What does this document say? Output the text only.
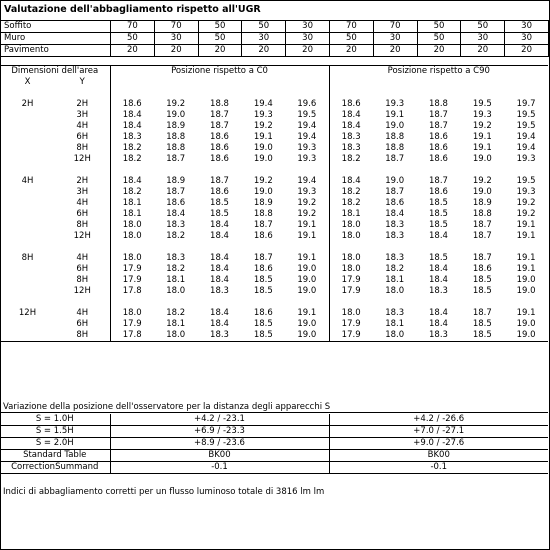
Valutazione dell'abbagliamento rispetto all'UGR
Soffito	70	70	50	50	30	70	70	50	50	30
Muro	50	30	50	30	30	50	30	50	30	30
Pavimento	20	20	20	20	20	20	20	20	20	20
Dimensioni dell'area		Posizione rispetto a C0					Posizione rispetto a C90				
X	Y										

2H	2H	18.6	19.2	18.8	19.4	19.6	18.6	19.3	18.8	19.5	19.7
	3H	18.4	19.0	18.7	19.3	19.5	18.4	19.1	18.7	19.3	19.5
	4H	18.4	18.9	18.7	19.2	19.4	18.4	19.0	18.7	19.2	19.5
	6H	18.3	18.8	18.6	19.1	19.4	18.3	18.8	18.6	19.1	19.4
	8H	18.2	18.8	18.6	19.0	19.3	18.3	18.8	18.6	19.1	19.4
	12H	18.2	18.7	18.6	19.0	19.3	18.2	18.7	18.6	19.0	19.3

4H	2H	18.4	18.9	18.7	19.2	19.4	18.4	19.0	18.7	19.2	19.5
	3H	18.2	18.7	18.6	19.0	19.3	18.2	18.7	18.6	19.0	19.3
	4H	18.1	18.6	18.5	18.9	19.2	18.2	18.6	18.5	18.9	19.2
	6H	18.1	18.4	18.5	18.8	19.2	18.1	18.4	18.5	18.8	19.2
	8H	18.0	18.3	18.4	18.7	19.1	18.0	18.3	18.5	18.7	19.1
	12H	18.0	18.2	18.4	18.6	19.1	18.0	18.3	18.4	18.7	19.1

8H	4H	18.0	18.3	18.4	18.7	19.1	18.0	18.3	18.5	18.7	19.1
	6H	17.9	18.2	18.4	18.6	19.0	18.0	18.2	18.4	18.6	19.1
	8H	17.9	18.1	18.4	18.5	19.0	17.9	18.1	18.4	18.5	19.0
	12H	17.8	18.0	18.3	18.5	19.0	17.9	18.0	18.3	18.5	19.0

12H	4H	18.0	18.2	18.4	18.6	19.1	18.0	18.3	18.4	18.7	19.1
	6H	17.9	18.1	18.4	18.5	19.0	17.9	18.1	18.4	18.5	19.0
	8H	17.8	18.0	18.3	18.5	19.0	17.9	18.0	18.3	18.5	19.0
Variazione della posizione dell'osservatore per la distanza degli apparecchi S
S = 1.0H	+4.2 / -23.1	+4.2 / -26.6
S = 1.5H	+6.9 / -23.3	+7.0 / -27.1
S = 2.0H	+8.9 / -23.6	+9.0 / -27.6
Standard Table	BK00	BK00
CorrectionSummand	-0.1	-0.1
Indici di abbagliamento corretti per un flusso luminoso totale di 3816 lm lm
